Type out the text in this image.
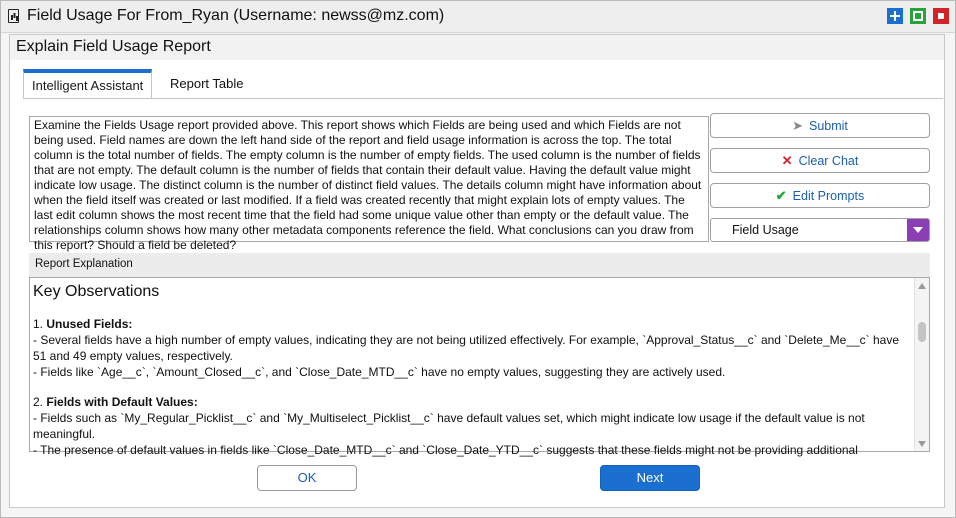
Field Usage For From_Ryan (Username: newss@mz.com)
Explain Field Usage Report
Intelligent Assistant	Report Table
Examine the Fields Usage report provided above. This report shows which Fields are being used and which Fields are not being used. Field names are down the left hand side of the report and field usage information is across the top. The total column is the total number of fields. The empty column is the number of empty fields. The used column is the number of fields that are not empty. The default column is the number of fields that contain their default value. Having the default value might indicate low usage. The distinct column is the number of distinct field values. The details column might have information about when the field itself was created or last modified. If a field was created recently that might explain lots of empty values. The last edit column shows the most recent time that the field had some unique value other than empty or the default value. The relationships column shows how many other metadata components reference the field. What conclusions can you draw from this report? Should a field be deleted?
➤ Submit
✕ Clear Chat
✔ Edit Prompts
Field Usage
Report Explanation
Key Observations

1. Unused Fields:

- Several fields have a high number of empty values, indicating they are not being utilized effectively. For example, `Approval_Status__c` and `Delete_Me__c` have 51 and 49 empty values, respectively.

- Fields like `Age__c`, `Amount_Closed__c`, and `Close_Date_MTD__c` have no empty values, suggesting they are actively used.

2. Fields with Default Values:

- Fields such as `My_Regular_Picklist__c` and `My_Multiselect_Picklist__c` have default values set, which might indicate low usage if the default value is not meaningful.

- The presence of default values in fields like `Close_Date_MTD__c` and `Close_Date_YTD__c` suggests that these fields might not be providing additional

OK	Next
